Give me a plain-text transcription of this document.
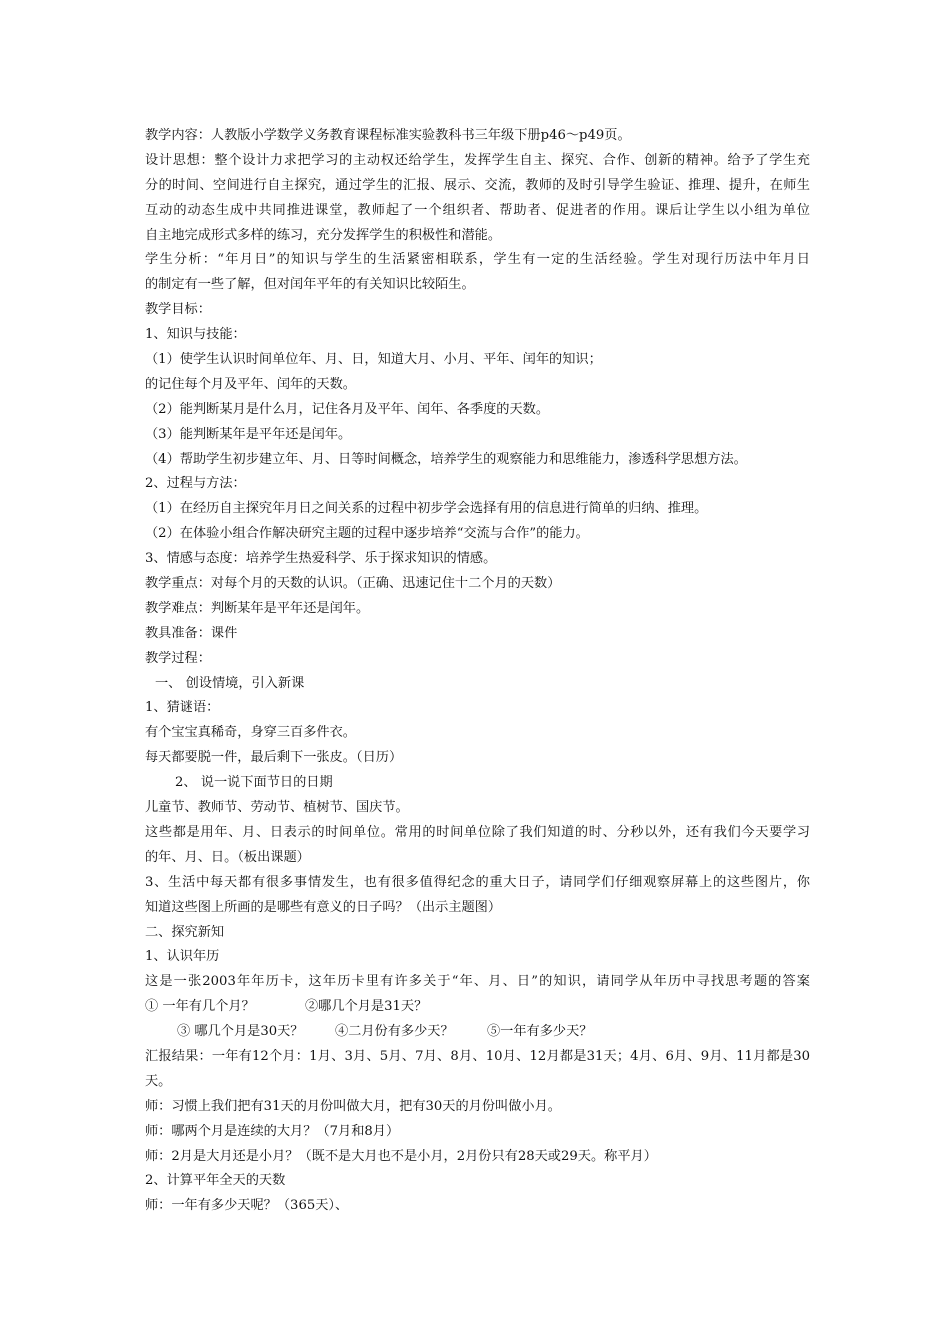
教学内容：人教版小学数学义务教育课程标准实验教科书三年级下册p46～p49页。
设计思想：整个设计力求把学习的主动权还给学生，发挥学生自主、探究、合作、创新的精神。给予了学生充
分的时间、空间进行自主探究，通过学生的汇报、展示、交流，教师的及时引导学生验证、推理、提升，在师生
互动的动态生成中共同推进课堂，教师起了一个组织者、帮助者、促进者的作用。课后让学生以小组为单位
自主地完成形式多样的练习，充分发挥学生的积极性和潜能。
学生分析：“年月日”的知识与学生的生活紧密相联系，学生有一定的生活经验。学生对现行历法中年月日
的制定有一些了解，但对闰年平年的有关知识比较陌生。
教学目标：
1、知识与技能：
（1）使学生认识时间单位年、月、日，知道大月、小月、平年、闰年的知识；
的记住每个月及平年、闰年的天数。
（2）能判断某月是什么月，记住各月及平年、闰年、各季度的天数。
（3）能判断某年是平年还是闰年。
（4）帮助学生初步建立年、月、日等时间概念，培养学生的观察能力和思维能力，渗透科学思想方法。
2、过程与方法：
（1）在经历自主探究年月日之间关系的过程中初步学会选择有用的信息进行简单的归纳、推理。
（2）在体验小组合作解决研究主题的过程中逐步培养“交流与合作”的能力。
3、情感与态度：培养学生热爱科学、乐于探求知识的情感。
教学重点：对每个月的天数的认识。（正确、迅速记住十二个月的天数）
教学难点：判断某年是平年还是闰年。
教具准备：课件
教学过程：
一、 创设情境，引入新课
1、猜谜语：
有个宝宝真稀奇，身穿三百多件衣。
每天都要脱一件，最后剩下一张皮。（日历）
2、 说一说下面节日的日期
儿童节、教师节、劳动节、植树节、国庆节。
这些都是用年、月、日表示的时间单位。常用的时间单位除了我们知道的时、分秒以外，还有我们今天要学习
的年、月、日。（板出课题）
3、生活中每天都有很多事情发生，也有很多值得纪念的重大日子，请同学们仔细观察屏幕上的这些图片，你
知道这些图上所画的是哪些有意义的日子吗？（出示主题图）
二、探究新知
1、认识年历
这是一张2003年年历卡，这年历卡里有许多关于“年、月、日”的知识，请同学从年历中寻找思考题的答案
① 一年有几个月？	②哪几个月是31天？
③ 哪几个月是30天？ ④二月份有多少天？	⑤一年有多少天？
汇报结果：一年有12个月：1月、3月、5月、7月、8月、10月、12月都是31天；4月、6月、9月、11月都是30
天。
师：习惯上我们把有31天的月份叫做大月，把有30天的月份叫做小月。
师：哪两个月是连续的大月？（7月和8月）
师：2月是大月还是小月？（既不是大月也不是小月，2月份只有28天或29天。称平月）
2、计算平年全天的天数
师：一年有多少天呢？（365天）、
